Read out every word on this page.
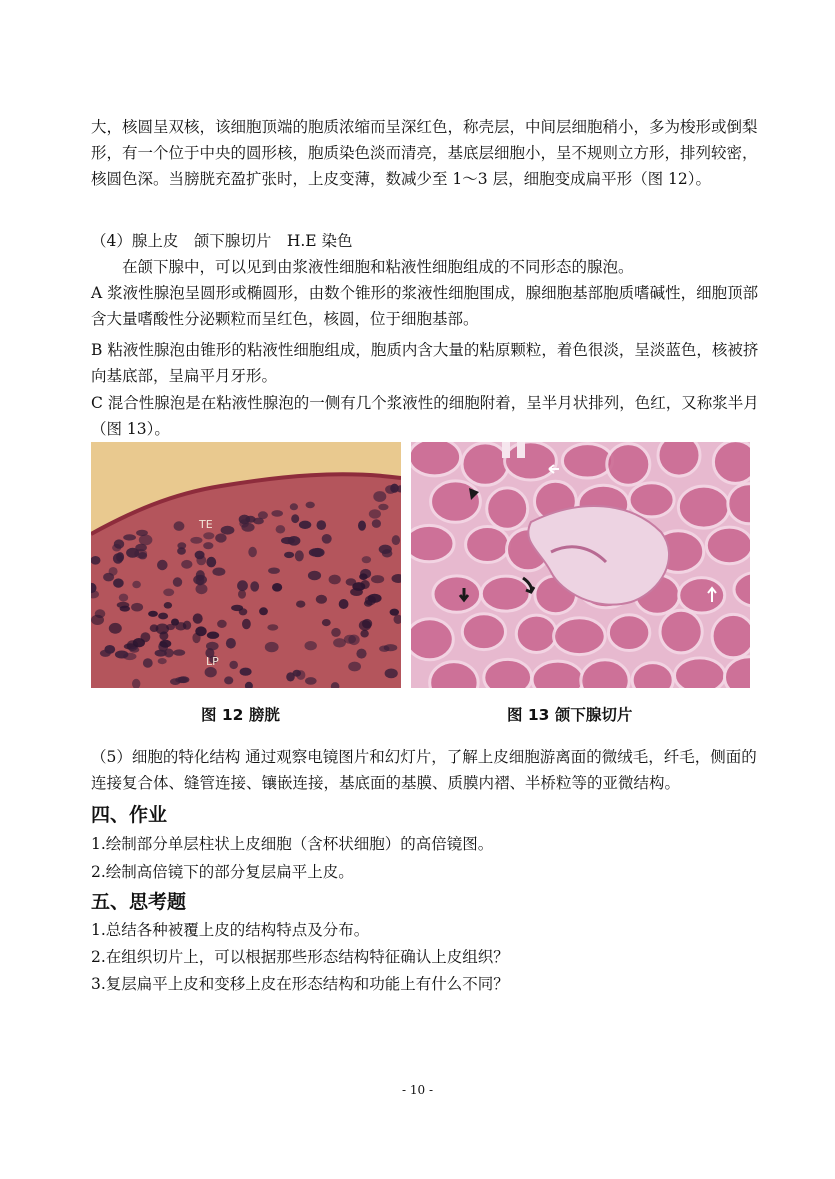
大，核圆呈双核，该细胞顶端的胞质浓缩而呈深红色，称壳层，中间层细胞稍小，多为梭形或倒梨形，有一个位于中央的圆形核，胞质染色淡而清亮，基底层细胞小，呈不规则立方形，排列较密，核圆色深。当膀胱充盈扩张时，上皮变薄，数减少至 1～3 层，细胞变成扁平形（图 12）。

（4）腺上皮　颌下腺切片　H.E 染色

在颌下腺中，可以见到由浆液性细胞和粘液性细胞组成的不同形态的腺泡。

A 浆液性腺泡呈圆形或椭圆形，由数个锥形的浆液性细胞围成，腺细胞基部胞质嗜碱性，细胞顶部含大量嗜酸性分泌颗粒而呈红色，核圆，位于细胞基部。

B 粘液性腺泡由锥形的粘液性细胞组成，胞质内含大量的粘原颗粒，着色很淡，呈淡蓝色，核被挤向基底部，呈扁平月牙形。

C 混合性腺泡是在粘液性腺泡的一侧有几个浆液性的细胞附着，呈半月状排列，色红，又称浆半月（图 13）。

TE
LP
图 12 膀胱	图 13 颌下腺切片

（5）细胞的特化结构 通过观察电镜图片和幻灯片，了解上皮细胞游离面的微绒毛，纤毛，侧面的连接复合体、缝管连接、镶嵌连接，基底面的基膜、质膜内褶、半桥粒等的亚微结构。

四、作业

1.绘制部分单层柱状上皮细胞（含杯状细胞）的高倍镜图。

2.绘制高倍镜下的部分复层扁平上皮。

五、思考题

1.总结各种被覆上皮的结构特点及分布。

2.在组织切片上，可以根据那些形态结构特征确认上皮组织？

3.复层扁平上皮和变移上皮在形态结构和功能上有什么不同？

- 10 -
